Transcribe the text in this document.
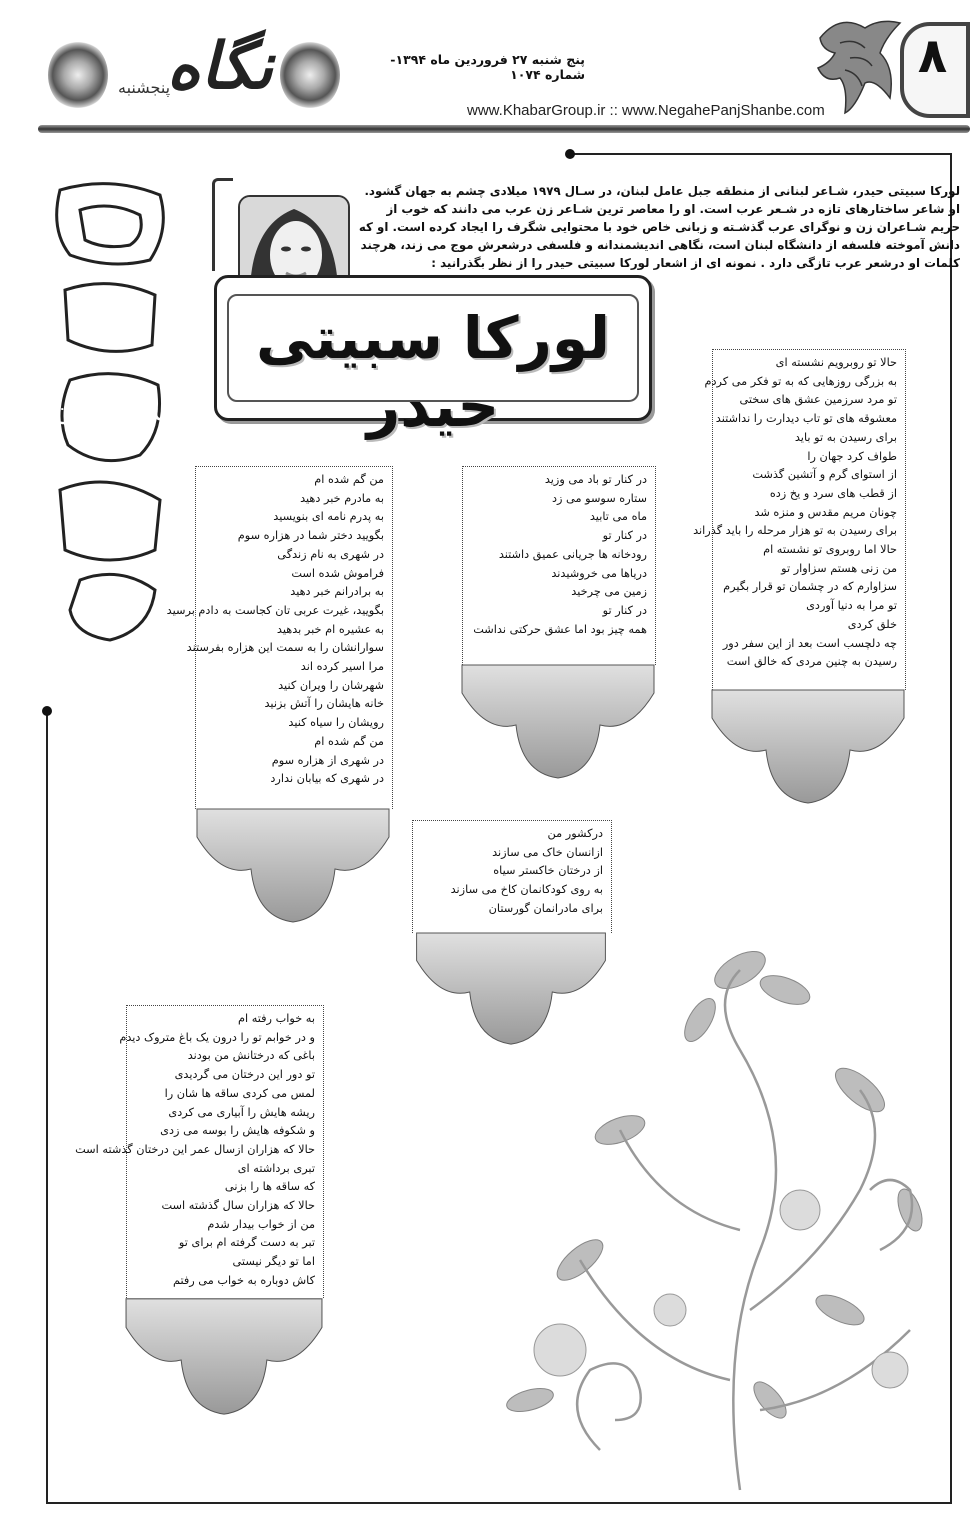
نگاه
پنجشنبه
پنج شنبه ۲۷ فروردین ماه ۱۳۹۴- شماره ۱۰۷۴
www.KhabarGroup.ir :: www.NegahePanjShanbe.com
۸
شعر جهان
لورکا سبیتی حیدر، شـاعر لبنانی از منطقه جبل عامل لبنان، در سـال ۱۹۷۹ میلادی چشم به جهان گشود. او شاعر ساختارهای تازه در شـعر عرب است. او را معاصر ترین شـاعر زن عرب می دانند که خوب از حریم شـاعران زن و نوگرای عرب گذشـته و زبانی خاص خود با محتوایی شگرف را ایجاد کرده است. او که دانش آموخته فلسفه از دانشگاه لبنان است، نگاهی اندیشمندانه و فلسفی درشعرش موج می زند، هرچند کلمات او درشعر عرب تازگی دارد . نمونه ای از اشعار لورکا سبیتی حیدر را از نظر بگذرانید :
لورکا سبیتی حیدر
حالا تو روبرویم نشسته ای
به بزرگی روزهایی که به تو فکر می کردم
تو مرد سرزمین عشق های سختی
معشوقه های تو تاب دیدارت را نداشتند
برای رسیدن به تو باید
طواف کرد جهان را
از استوای گرم و آتشین گذشت
از قطب های سرد و یخ زده
چونان مریم مقدس و منزه شد
برای رسیدن به تو هزار مرحله را باید گذراند
حالا اما روبروی تو نشسته ام
من زنی هستم سزاوار تو
سزاوارم که در چشمان تو قرار بگیرم
تو مرا به دنیا آوردی
خلق کردی
چه دلچسب است بعد از این سفر دور
رسیدن به چنین مردی که خالق است
در کنار تو باد می وزید
ستاره سوسو می زد
ماه می تابید
در کنار تو
رودخانه ها جریانی عمیق داشتند
دریاها می خروشیدند
زمین می چرخید
در کنار تو
همه چیز بود اما عشق حرکتی نداشت
من گم شده ام
به مادرم خبر دهید
به پدرم نامه ای بنویسید
بگویید دختر شما در هزاره سوم
در شهری به نام زندگی
فراموش شده است
به برادرانم خبر دهید
بگویید، غیرت عربی تان کجاست به دادم برسید
به عشیره ام خبر بدهید
سوارانشان را به سمت این هزاره بفرستند
مرا اسیر کرده اند
شهرشان را ویران کنید
خانه هایشان را آتش بزنید
رویشان را سیاه کنید
من گم شده ام
در شهری از هزاره سوم
در شهری که بیابان ندارد
درکشور من
ازانسان خاک می سازند
از درختان خاکستر سیاه
به روی کودکانمان کاخ می سازند
برای مادرانمان گورستان
به خواب رفته ام
و در خوابم تو را درون یک باغ متروک دیدم
باغی که درختانش من بودند
تو دور این درختان می گردیدی
لمس می کردی ساقه ها شان را
ریشه هایش را آبیاری می کردی
و شکوفه هایش را بوسه می زدی
حالا که هزاران ازسال عمر این درختان گذشته است
تبری برداشته ای
که ساقه ها را بزنی
حالا که هزاران سال گذشته است
من از خواب بیدار شدم
تبر به دست گرفته ام برای تو
اما تو دیگر نیستی
کاش دوباره به خواب می رفتم
